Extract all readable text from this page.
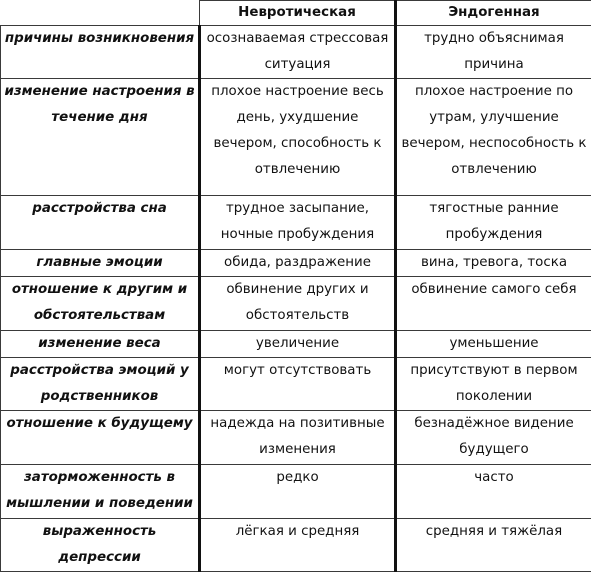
	Невротическая	Эндогенная
причины возникновения	осознаваемая стрессовая ситуация	трудно объяснимая причина
изменение настроения в течение дня	плохое настроение весь день, ухудшение вечером, способность к отвлечению	плохое настроение по утрам, улучшение вечером, неспособность к отвлечению
расстройства сна	трудное засыпание, ночные пробуждения	тягостные ранние пробуждения
главные эмоции	обида, раздражение	вина, тревога, тоска
отношение к другим и обстоятельствам	обвинение других и обстоятельств	обвинение самого себя
изменение веса	увеличение	уменьшение
расстройства эмоций у родственников	могут отсутствовать	присутствуют в первом поколении
отношение к будущему	надежда на позитивные изменения	безнадёжное видение будущего
заторможенность в мышлении и поведении	редко	часто
выраженность депрессии	лёгкая и средняя	средняя и тяжёлая
